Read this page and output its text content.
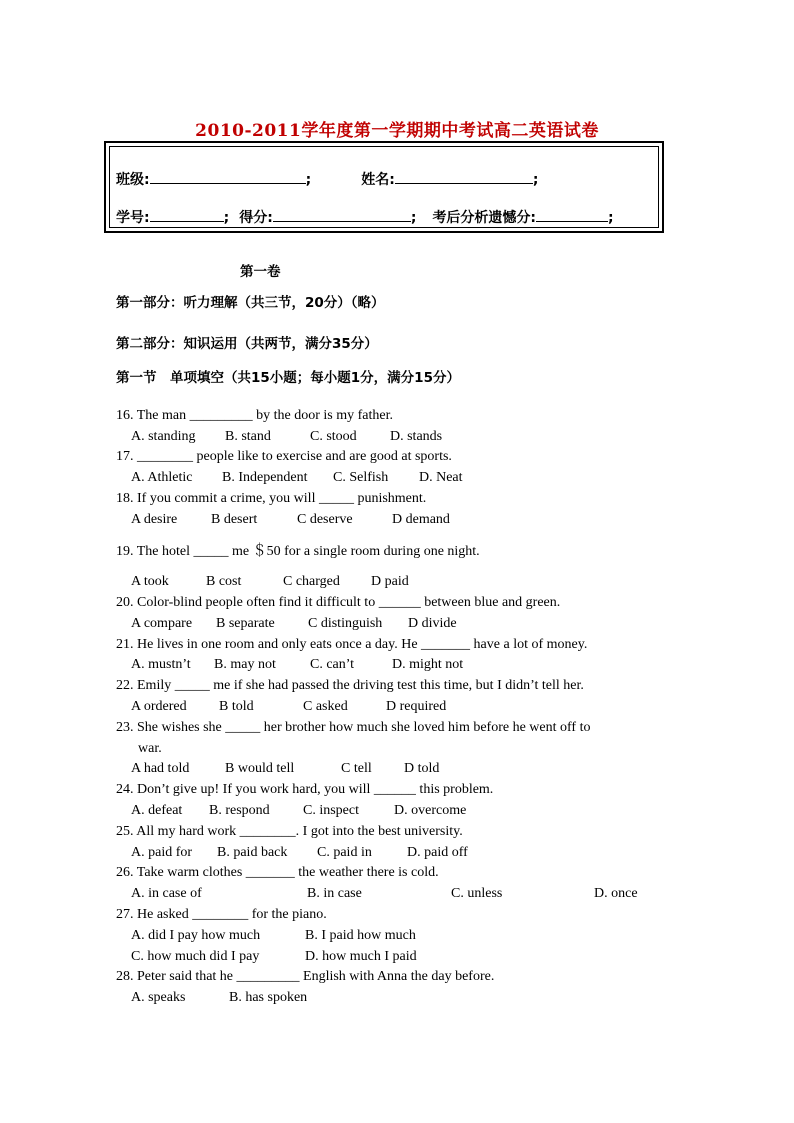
2010-2011学年度第一学期期中考试高二英语试卷
班级:	;	姓名:	;
学号:	; 得分:	; 考后分析遗憾分:	;
第一卷
第一部分：听力理解（共三节，20分）（略）
第二部分：知识运用（共两节，满分35分）
第一节　单项填空（共15小题；每小题1分，满分15分）
16. The man _________ by the door is my father.
A. standing B. stand	C. stood D. stands
17. ________ people like to exercise and are good at sports.
A. Athletic B. Independent C. Selfish D. Neat
18. If you commit a crime, you will _____ punishment.
A desire B desert	C deserve	D demand
19. The hotel _____ me ＄50 for a single room during one night.
A took	B cost	C charged D paid
20. Color-blind people often find it difficult to ______ between blue and green.
A compare B separate C distinguish D divide
21. He lives in one room and only eats once a day. He _______ have a lot of money.
A. mustn’t B. may not C. can’t	D. might not
22. Emily _____ me if she had passed the driving test this time, but I didn’t tell her.
A ordered B told	C asked	D required
23. She wishes she _____ her brother how much she loved him before he went off to
war.
A had told	B would tell	C tell D told
24. Don’t give up! If you work hard, you will ______ this problem.
A. defeat B. respond C. inspect	D. overcome
25. All my hard work ________. I got into the best university.
A. paid for B. paid back C. paid in	D. paid off
26. Take warm clothes _______ the weather there is cold.
A. in case of	B. in case	C. unless	D. once
27. He asked ________ for the piano.
A. did I pay how much	B. I paid how much
C. how much did I pay	D. how much I paid
28. Peter said that he _________ English with Anna the day before.
A. speaks	B. has spoken
